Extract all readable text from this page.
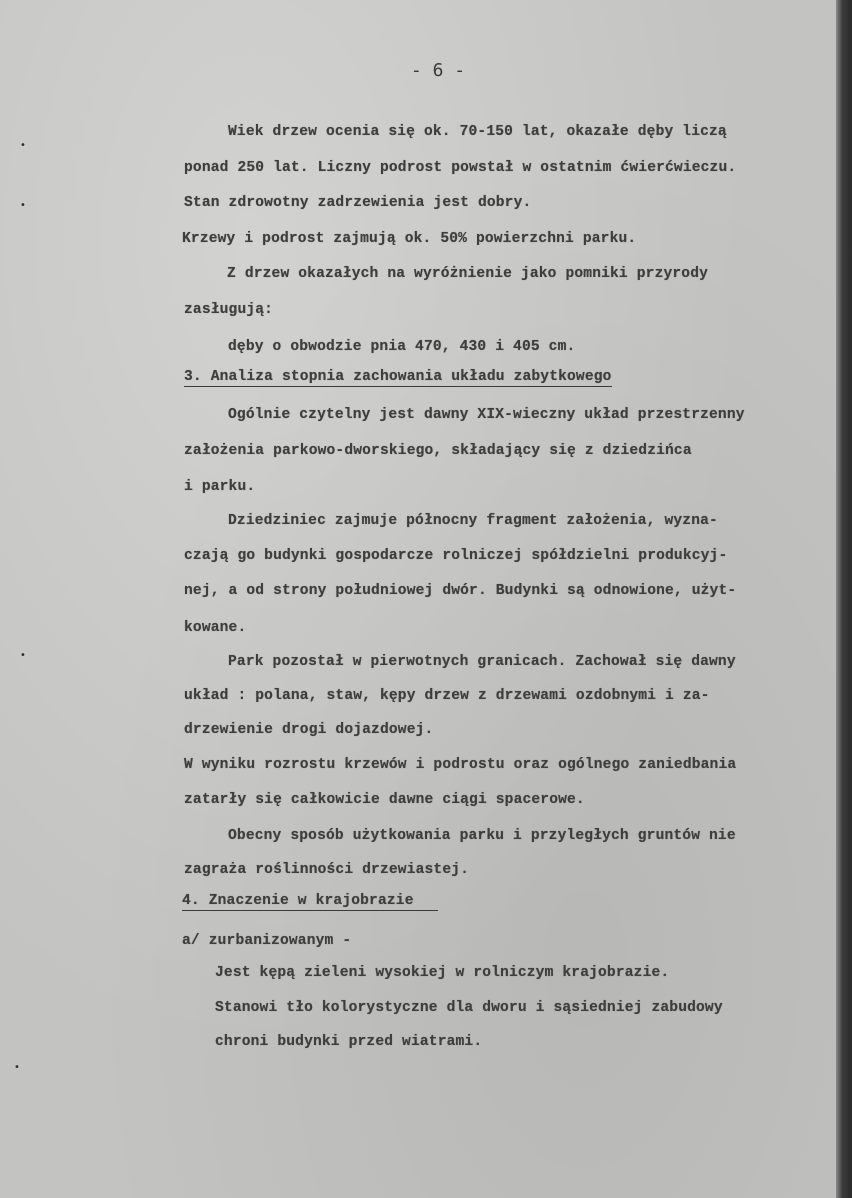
- 6 -
Wiek drzew ocenia się ok. 70-150 lat, okazałe dęby liczą
ponad 250 lat. Liczny podrost powstał w ostatnim ćwierćwieczu.
Stan zdrowotny zadrzewienia jest dobry.
Krzewy i podrost zajmują ok. 50% powierzchni parku.
Z drzew okazałych na wyróżnienie jako pomniki przyrody
zasługują:
dęby o obwodzie pnia 470, 430 i 405 cm.
3. Analiza stopnia zachowania układu zabytkowego
Ogólnie czytelny jest dawny XIX-wieczny układ przestrzenny
założenia parkowo-dworskiego, składający się z dziedzińca
i parku.
Dziedziniec zajmuje północny fragment założenia, wyzna-
czają go budynki gospodarcze rolniczej spółdzielni produkcyj-
nej, a od strony południowej dwór. Budynki są odnowione, użyt-
kowane.
Park pozostał w pierwotnych granicach. Zachował się dawny
układ : polana, staw, kępy drzew z drzewami ozdobnymi i za-
drzewienie drogi dojazdowej.
W wyniku rozrostu krzewów i podrostu oraz ogólnego zaniedbania
zatarły się całkowicie dawne ciągi spacerowe.
Obecny sposób użytkowania parku i przyległych gruntów nie
zagraża roślinności drzewiastej.
4. Znaczenie w krajobrazie
a/ zurbanizowanym -
Jest kępą zieleni wysokiej w rolniczym krajobrazie.
Stanowi tło kolorystyczne dla dworu i sąsiedniej zabudowy
chroni budynki przed wiatrami.
•
•
•
•
